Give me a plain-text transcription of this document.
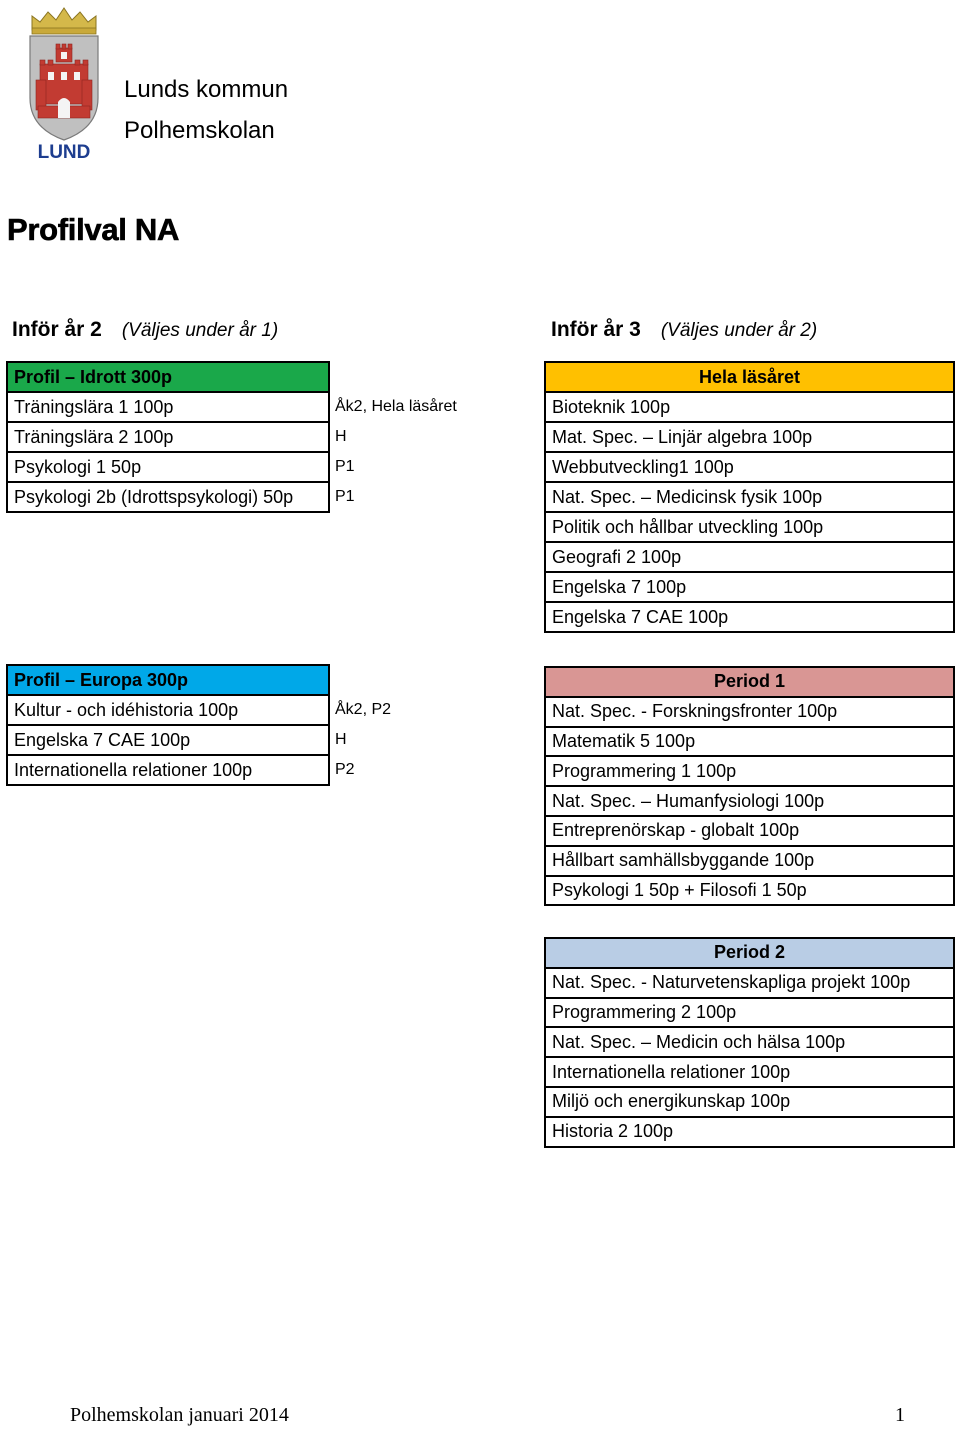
LUND
Lunds kommun
Polhemskolan
Profilval NA
Inför år 2 (Väljes under år 1)	Inför år 3 (Väljes under år 2)
Profil – Idrott 300p	
Träningslära 1 100p	Åk2, Hela läsåret
Träningslära 2 100p	H
Psykologi 1 50p	P1
Psykologi 2b (Idrottspsykologi) 50p	P1
Profil – Europa 300p	
Kultur - och idéhistoria 100p	Åk2, P2
Engelska 7 CAE 100p	H
Internationella relationer 100p	P2
Hela läsåret
Bioteknik 100p
Mat. Spec. – Linjär algebra 100p
Webbutveckling1 100p
Nat. Spec. – Medicinsk fysik 100p
Politik och hållbar utveckling 100p
Geografi 2 100p
Engelska 7 100p
Engelska 7 CAE 100p
Period 1
Nat. Spec. - Forskningsfronter 100p
Matematik 5 100p
Programmering 1 100p
Nat. Spec. – Humanfysiologi 100p
Entreprenörskap - globalt 100p
Hållbart samhällsbyggande 100p
Psykologi 1 50p + Filosofi 1 50p
Period 2
Nat. Spec. - Naturvetenskapliga projekt 100p
Programmering 2 100p
Nat. Spec. – Medicin och hälsa 100p
Internationella relationer 100p
Miljö och energikunskap 100p
Historia 2 100p
Polhemskolan januari 2014	1
